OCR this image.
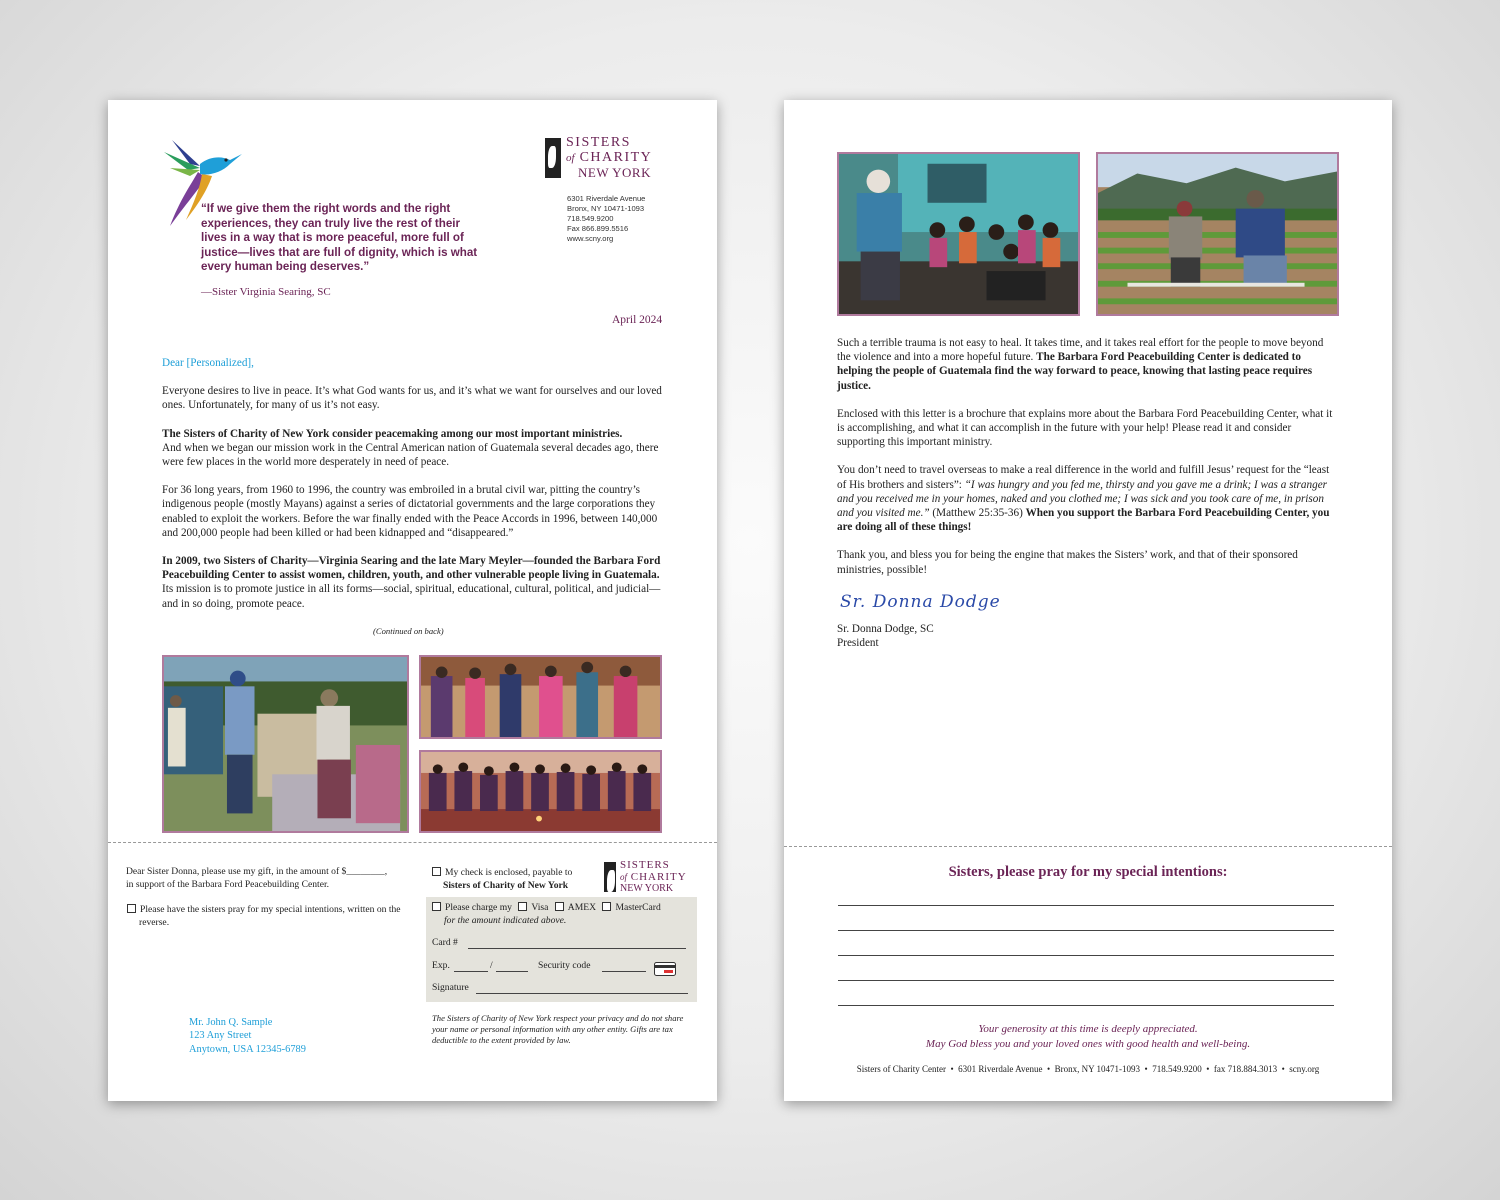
“If we give them the right words and the right experiences, they can truly live the rest of their lives in a way that is more peaceful, more full of justice—lives that are full of dignity, which is what every human being deserves.”
—Sister Virginia Searing, SC
SISTERS
of CHARITY
NEW YORK
6301 Riverdale Avenue
Bronx, NY 10471-1093
718.549.9200
Fax 866.899.5516
www.scny.org
April 2024

Dear [Personalized],

Everyone desires to live in peace. It’s what God wants for us, and it’s what we want for ourselves and our loved ones. Unfortunately, for many of us it’s not easy.

The Sisters of Charity of New York consider peacemaking among our most important ministries.
And when we began our mission work in the Central American nation of Guatemala several decades ago, there were few places in the world more desperately in need of peace.

For 36 long years, from 1960 to 1996, the country was embroiled in a brutal civil war, pitting the country’s indigenous people (mostly Mayans) against a series of dictatorial governments and the large corporations they enabled to exploit the workers. Before the war finally ended with the Peace Accords in 1996, between 140,000 and 200,000 people had been killed or had been kidnapped and “disappeared.”

In 2009, two Sisters of Charity—Virginia Searing and the late Mary Meyler—founded the Barbara Ford Peacebuilding Center to assist women, children, youth, and other vulnerable people living in Guatemala. Its mission is to promote justice in all its forms—social, spiritual, educational, cultural, political, and judicial—and in so doing, promote peace.

(Continued on back)
Dear Sister Donna, please use my gift, in the amount of $________,
in support of the Barbara Ford Peacebuilding Center.
Please have the sisters pray for my special intentions, written on the reverse.
My check is enclosed, payable to
Sisters of Charity of New York
SISTERS
of CHARITY
NEW YORK
Please charge my Visa AMEX MasterCard
for the amount indicated above.
Card #
Exp.	/	Security code
Signature
The Sisters of Charity of New York respect your privacy and do not share your name or personal information with any other entity. Gifts are tax deductible to the extent provided by law.
Mr. John Q. Sample
123 Any Street
Anytown, USA 12345-6789

Such a terrible trauma is not easy to heal. It takes time, and it takes real effort for the people to move beyond the violence and into a more hopeful future. The Barbara Ford Peacebuilding Center is dedicated to helping the people of Guatemala find the way forward to peace, knowing that lasting peace requires justice.

Enclosed with this letter is a brochure that explains more about the Barbara Ford Peacebuilding Center, what it is accomplishing, and what it can accomplish in the future with your help! Please read it and consider supporting this important ministry.

You don’t need to travel overseas to make a real difference in the world and fulfill Jesus’ request for the “least of His brothers and sisters”: “I was hungry and you fed me, thirsty and you gave me a drink; I was a stranger and you received me in your homes, naked and you clothed me; I was sick and you took care of me, in prison and you visited me.” (Matthew 25:35-36) When you support the Barbara Ford Peacebuilding Center, you are doing all of these things!

Thank you, and bless you for being the engine that makes the Sisters’ work, and that of their sponsored ministries, possible!

Sr. Donna Dodge
Sr. Donna Dodge, SC
President
Sisters, please pray for my special intentions:
Your generosity at this time is deeply appreciated.
May God bless you and your loved ones with good health and well-being.
Sisters of Charity Center  •  6301 Riverdale Avenue  •  Bronx, NY 10471-1093  •  718.549.9200  •  fax 718.884.3013  •  scny.org
